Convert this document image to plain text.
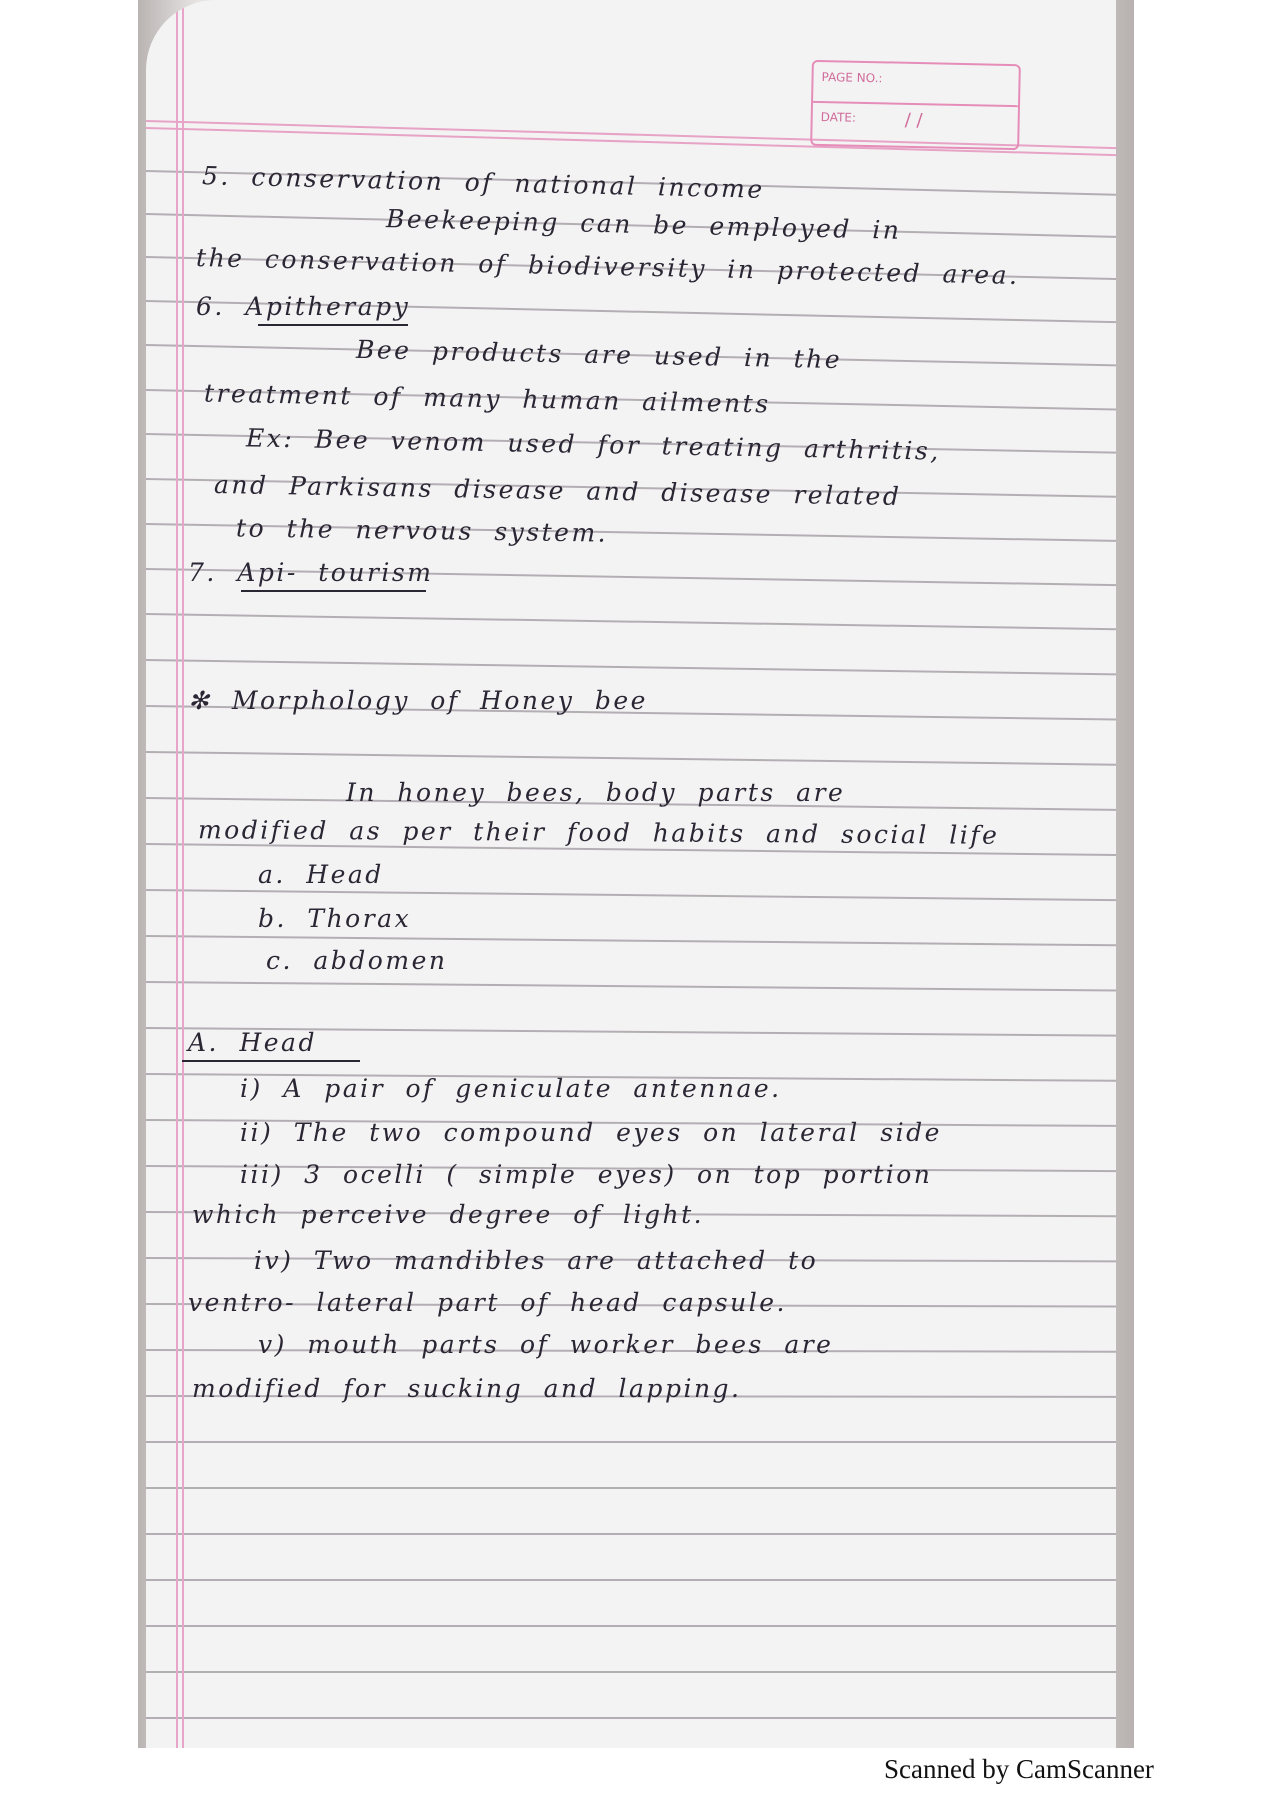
PAGE NO.:
DATE:	/ /

5. conservation of national income

Beekeeping can be employed in

the conservation of biodiversity in protected area.

6. Apitherapy

Bee products are used in the

treatment of many human ailments

Ex: Bee venom used for treating arthritis,

and Parkisans disease and disease related

to the nervous system.

7. Api- tourism

✻ Morphology of Honey bee

In honey bees, body parts are

modified as per their food habits and social life

a. Head

b. Thorax

c. abdomen

A. Head

i) A pair of geniculate antennae.

ii) The two compound eyes on lateral side

iii) 3 ocelli ( simple eyes) on top portion

which perceive degree of light.

iv) Two mandibles are attached to

ventro- lateral part of head capsule.

v) mouth parts of worker bees are

modified for sucking and lapping.

Scanned by CamScanner
